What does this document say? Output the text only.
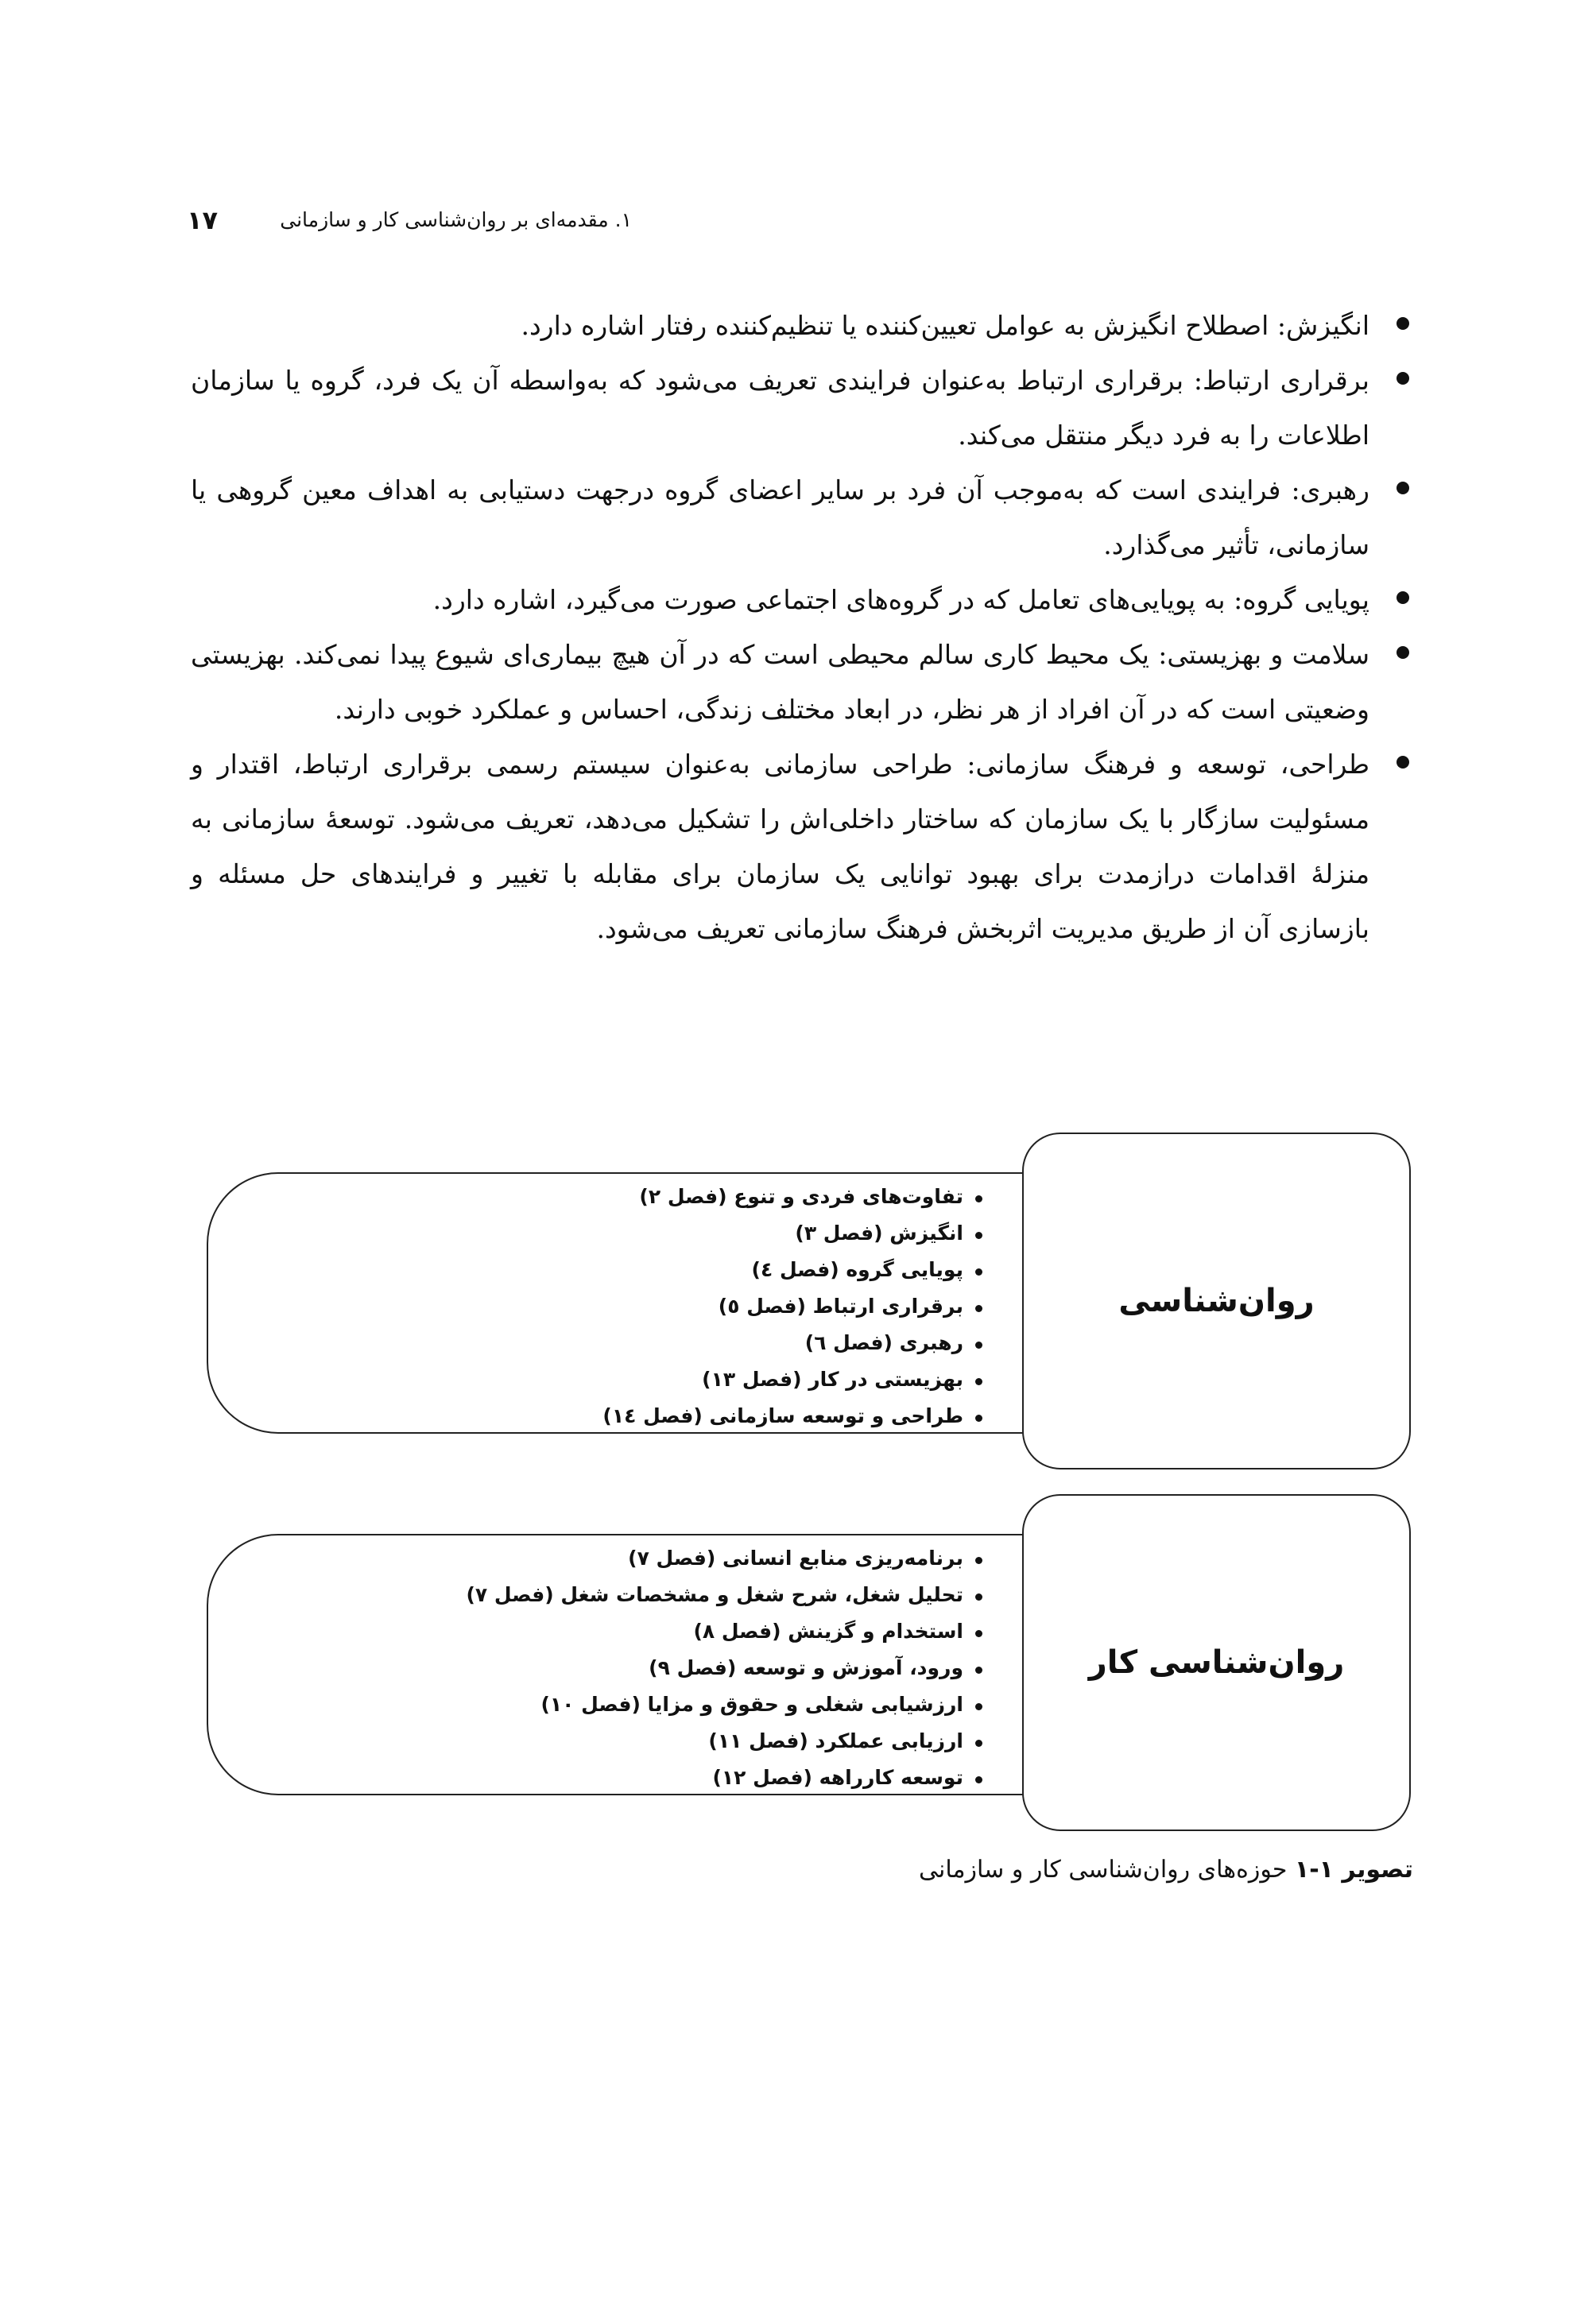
۱. مقدمه‌ای بر روان‌شناسی کار و سازمانی
۱۷
انگیزش: اصطلاح انگیزش به عوامل تعیین‌کننده یا تنظیم‌کننده رفتار اشاره دارد.
برقراری ارتباط: برقراری ارتباط به‌عنوان فرایندی تعریف می‌شود که به‌واسطه آن یک فرد، گروه یا سازمان اطلاعات را به فرد دیگر منتقل می‌کند.
رهبری: فرایندی است که به‌موجب آن فرد بر سایر اعضای گروه درجهت دستیابی به اهداف معین گروهی یا سازمانی، تأثیر می‌گذارد.
پویایی گروه: به پویایی‌های تعامل که در گروه‌های اجتماعی صورت می‌گیرد، اشاره دارد.
سلامت و بهزیستی: یک محیط کاری سالم محیطی است که در آن هیچ بیماری‌ای شیوع پیدا نمی‌کند. بهزیستی وضعیتی است که در آن افراد از هر نظر، در ابعاد مختلف زندگی، احساس و عملکرد خوبی دارند.
طراحی، توسعه و فرهنگ سازمانی: طراحی سازمانی به‌عنوان سیستم رسمی برقراری ارتباط، اقتدار و مسئولیت سازگار با یک سازمان که ساختار داخلی‌اش را تشکیل می‌دهد، تعریف می‌شود. توسعهٔ سازمانی به منزلهٔ اقدامات درازمدت برای بهبود توانایی یک سازمان برای مقابله با تغییر و فرایندهای حل مسئله و بازسازی آن از طریق مدیریت اثربخش فرهنگ سازمانی تعریف می‌شود.
روان‌شناسی
تفاوت‌های فردی و تنوع (فصل ۲)
انگیزش (فصل ۳)
پویایی گروه (فصل ٤)
برقراری ارتباط (فصل ٥)
رهبری (فصل ٦)
بهزیستی در کار (فصل ۱۳)
طراحی و توسعه سازمانی (فصل ١٤)
روان‌شناسی کار
برنامه‌ریزی منابع انسانی (فصل ۷)
تحلیل شغل، شرح شغل و مشخصات شغل (فصل ۷)
استخدام و گزینش (فصل ۸)
ورود، آموزش و توسعه (فصل ۹)
ارزشیابی شغلی و حقوق و مزایا (فصل ۱۰)
ارزیابی عملکرد (فصل ۱۱)
توسعه کارراهه (فصل ۱۲)
تصویر ۱-۱ حوزه‌های روان‌شناسی کار و سازمانی
